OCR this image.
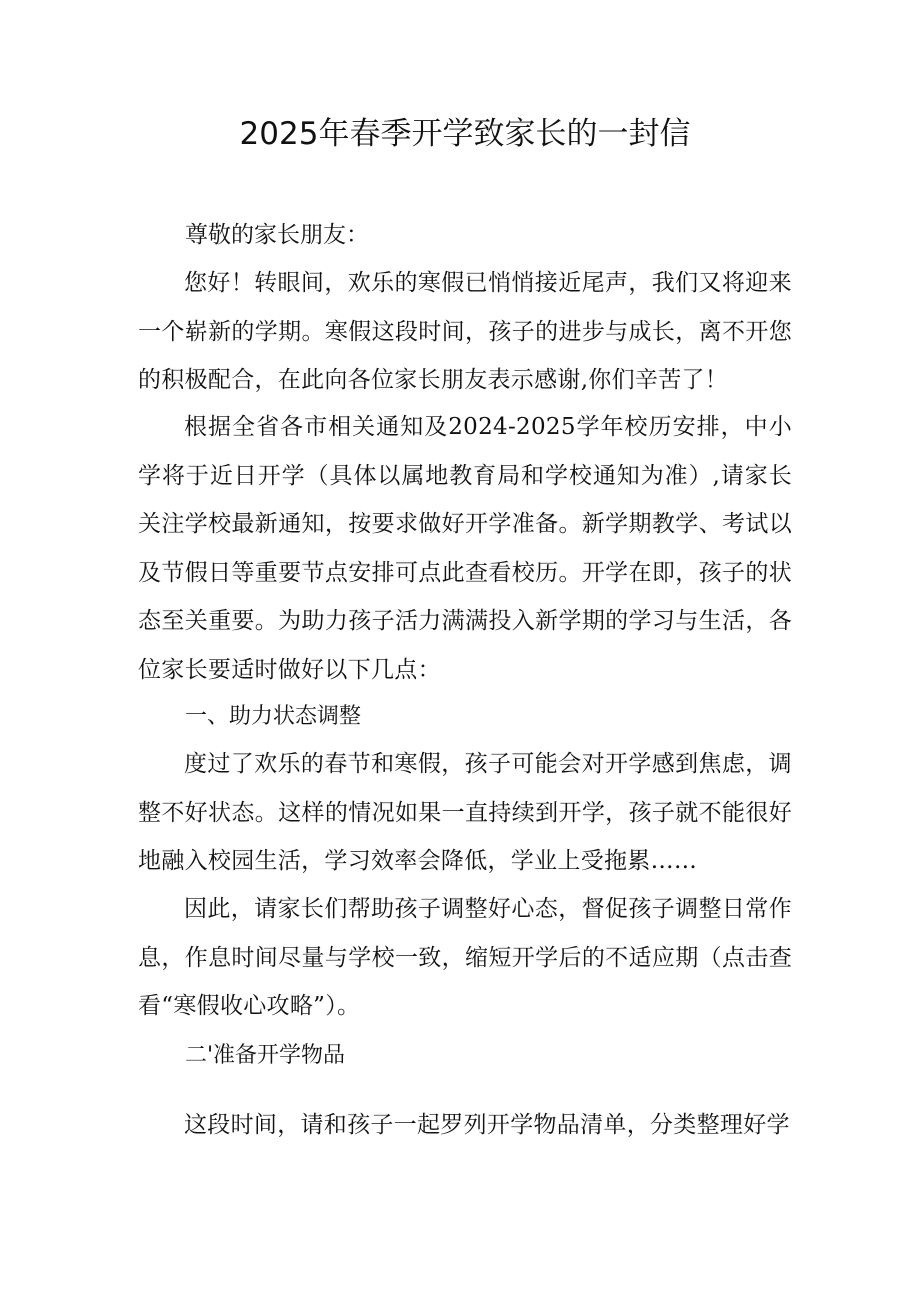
2025年春季开学致家长的一封信

尊敬的家长朋友：

您好！转眼间，欢乐的寒假已悄悄接近尾声，我们又将迎来一个崭新的学期。寒假这段时间，孩子的进步与成长，离不开您的积极配合，在此向各位家长朋友表示感谢,你们辛苦了！

根据全省各市相关通知及2024-2025学年校历安排，中小学将于近日开学（具体以属地教育局和学校通知为准）,请家长关注学校最新通知，按要求做好开学准备。新学期教学、考试以及节假日等重要节点安排可点此查看校历。开学在即，孩子的状态至关重要。为助力孩子活力满满投入新学期的学习与生活，各位家长要适时做好以下几点：

一、助力状态调整

度过了欢乐的春节和寒假，孩子可能会对开学感到焦虑，调整不好状态。这样的情况如果一直持续到开学，孩子就不能很好地融入校园生活，学习效率会降低，学业上受拖累……

因此，请家长们帮助孩子调整好心态，督促孩子调整日常作息，作息时间尽量与学校一致，缩短开学后的不适应期（点击查看“寒假收心攻略”）。

二'准备开学物品

这段时间，请和孩子一起罗列开学物品清单，分类整理好学
